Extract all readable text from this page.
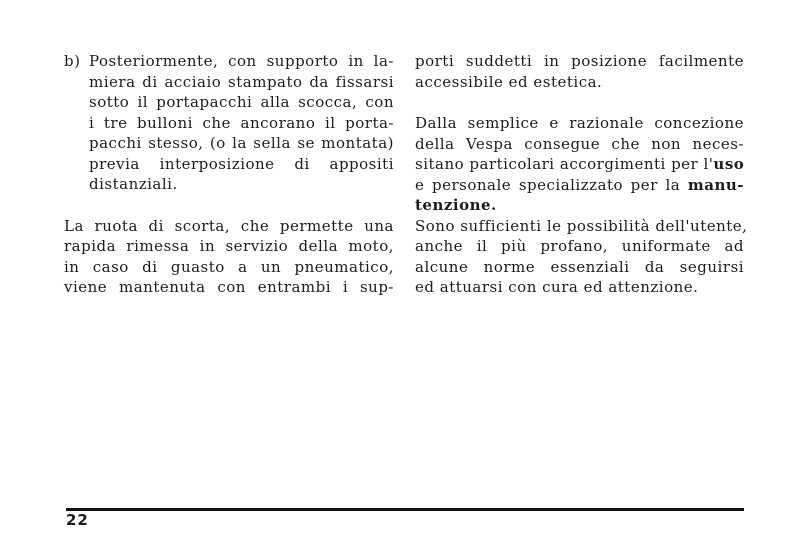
b) Posteriormente, con supporto in la-
miera di acciaio stampato da fissarsi
sotto il portapacchi alla scocca, con
i tre bulloni che ancorano il porta-
pacchi stesso, (o la sella se montata)
previa interposizione di appositi
distanziali.
La ruota di scorta, che permette una
rapida rimessa in servizio della moto,
in caso di guasto a un pneumatico,
viene mantenuta con entrambi i sup-
porti suddetti in posizione facilmente
accessibile ed estetica.
Dalla semplice e razionale concezione
della Vespa consegue che non neces-
sitano particolari accorgimenti per l'uso
e personale specializzato per la manu-
tenzione.
Sono sufficienti le possibilità dell'utente,
anche il più profano, uniformate ad
alcune norme essenziali da seguirsi
ed attuarsi con cura ed attenzione.
22
